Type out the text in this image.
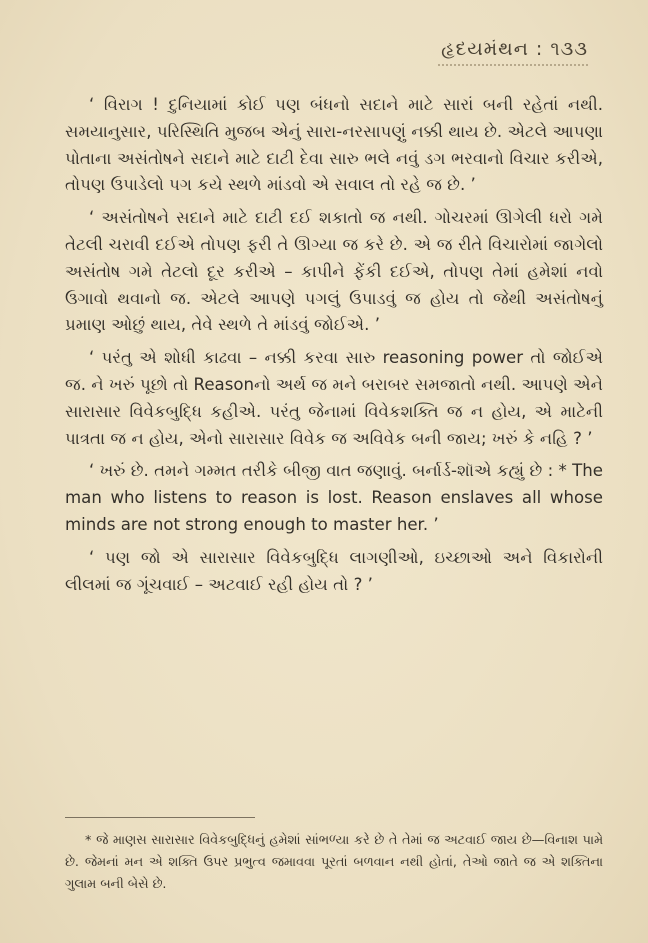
હૃદયમંથન : ૧૩૩

‘ વિરાગ ! દુનિયામાં કોઈ પણ બંધનો સદાને માટે સારાં બની રહેતાં નથી. સમયાનુસાર, પરિસ્થિતિ મુજબ એનું સારા-નરસાપણું નક્કી થાય છે. એટલે આપણા પોતાના અસંતોષને સદાને માટે દાટી દેવા સારુ ભલે નવું ડગ ભરવાનો વિચાર કરીએ, તોપણ ઉપાડેલો પગ કયે સ્થળે માંડવો એ સવાલ તો રહે જ છે. ’

‘ અસંતોષને સદાને માટે દાટી દઈ શકાતો જ નથી. ગોચરમાં ઊગેલી ધરો ગમે તેટલી ચરાવી દઈએ તોપણ ફરી તે ઊગ્યા જ કરે છે. એ જ રીતે વિચારોમાં જાગેલો અસંતોષ ગમે તેટલો દૂર કરીએ – કાપીને ફેંકી દઈએ, તોપણ તેમાં હમેશાં નવો ઉગાવો થવાનો જ. એટલે આપણે પગલું ઉપાડવું જ હોય તો જેથી અસંતોષનું પ્રમાણ ઓછું થાય, તેવે સ્થળે તે માંડવું જોઈએ. ’

‘ પરંતુ એ શોધી કાઢવા – નક્કી કરવા સારુ reasoning power તો જોઈએ જ. ને ખરું પૂછો તો Reasonનો અર્થ જ મને બરાબર સમજાતો નથી. આપણે એને સારાસાર વિવેકબુદ્ધિ કહીએ. પરંતુ જેનામાં વિવેકશક્તિ જ ન હોય, એ માટેની પાત્રતા જ ન હોય, એનો સારાસાર વિવેક જ અવિવેક બની જાય; ખરું કે નહિ ? ’

‘ ખરું છે. તમને ગમ્મત તરીકે બીજી વાત જણાવું. બર્નાર્ડ-શૉએ કહ્યું છે : * The man who listens to reason is lost. Reason enslaves all whose minds are not strong enough to master her. ’

‘ પણ જો એ સારાસાર વિવેકબુદ્ધિ લાગણીઓ, ઇચ્છાઓ અને વિકારોની લીલમાં જ ગૂંચવાઈ – અટવાઈ રહી હોય તો ? ’

* જે માણસ સારાસાર વિવેકબુદ્ધિનું હમેશાં સાંભળ્યા કરે છે તે તેમાં જ અટવાઈ જાય છે—વિનાશ પામે છે. જેમનાં મન એ શક્તિ ઉપર પ્રભુત્વ જમાવવા પૂરતાં બળવાન નથી હોતાં, તેઓ જાતે જ એ શક્તિના ગુલામ બની બેસે છે.
